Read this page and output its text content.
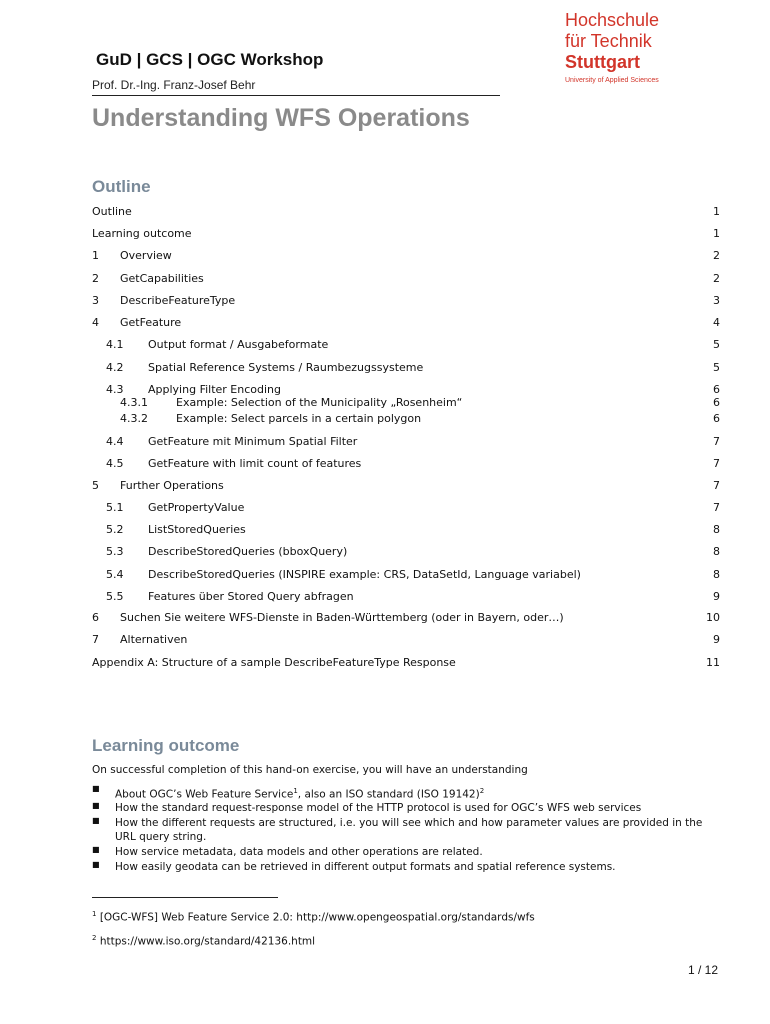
GuD | GCS | OGC Workshop
Prof. Dr.-Ing. Franz-Josef Behr
Hochschule
für Technik
Stuttgart
University of Applied Sciences
Understanding WFS Operations
Outline
Outline	1
Learning outcome	1
1 Overview	2
2 GetCapabilities	2
3 DescribeFeatureType	3
4 GetFeature	4
4.1 Output format / Ausgabeformate	5
4.2 Spatial Reference Systems / Raumbezugssysteme	5
4.3 Applying Filter Encoding	6
4.3.1	Example: Selection of the Municipality „Rosenheim“	6
4.3.2	Example: Select parcels in a certain polygon	6
4.4 GetFeature mit Minimum Spatial Filter	7
4.5 GetFeature with limit count of features	7
5 Further Operations	7
5.1 GetPropertyValue	7
5.2 ListStoredQueries	8
5.3 DescribeStoredQueries (bboxQuery)	8
5.4 DescribeStoredQueries (INSPIRE example: CRS, DataSetId, Language variabel)	8
5.5 Features über Stored Query abfragen	9
6 Suchen Sie weitere WFS-Dienste in Baden-Württemberg (oder in Bayern, oder…)	10
7 Alternativen	9
Appendix A: Structure of a sample DescribeFeatureType Response	11
Learning outcome
On successful completion of this hand-on exercise, you will have an understanding
■ About OGC’s Web Feature Service$^1$, also an ISO standard (ISO 19142)$^2$
■ How the standard request-response model of the HTTP protocol is used for OGC’s WFS web services
■ How the different requests are structured, i.e. you will see which and how parameter values are provided in the URL query string.
■ How service metadata, data models and other operations are related.
■ How easily geodata can be retrieved in different output formats and spatial reference systems.
$^1$ [OGC-WFS] Web Feature Service 2.0: http://www.opengeospatial.org/standards/wfs
$^2$ https://www.iso.org/standard/42136.html
1 / 12
